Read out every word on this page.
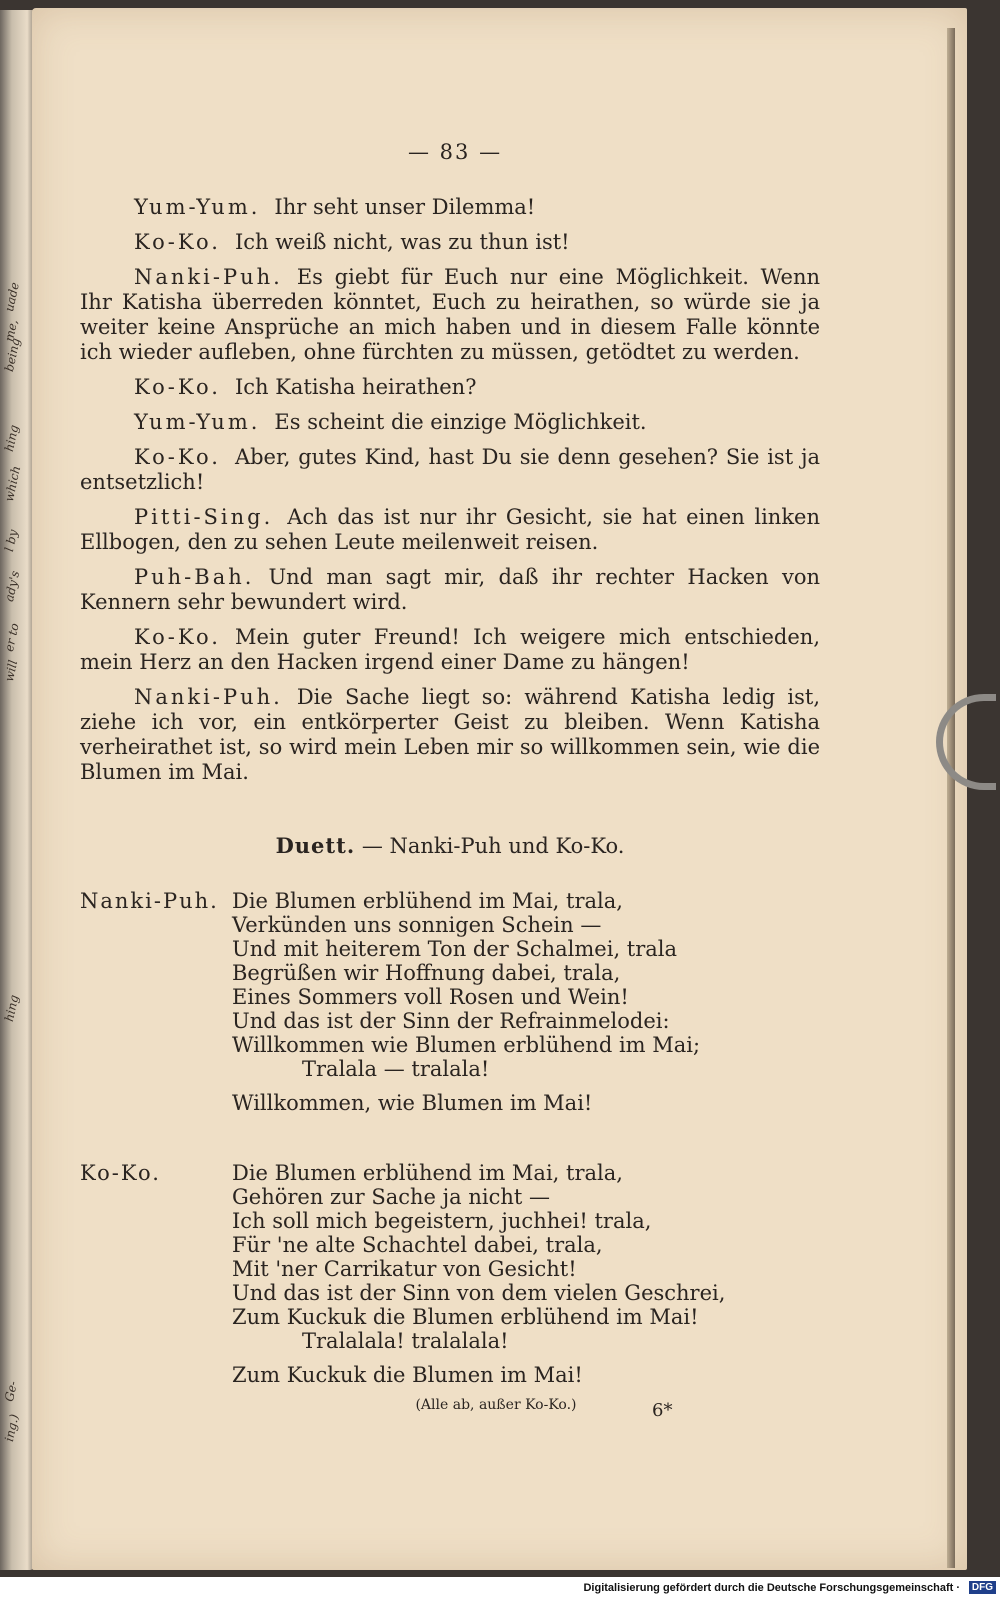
uade
me,
being
hing
which
l by
ady's
er to
will
hing
Ge-
ing.)
— 83 —

Yum-Yum. Ihr seht unser Dilemma!

Ko-Ko. Ich weiß nicht, was zu thun ist!

Nanki-Puh. Es giebt für Euch nur eine Möglichkeit. Wenn Ihr Katisha überreden könntet, Euch zu heirathen, so würde sie ja weiter keine Ansprüche an mich haben und in diesem Falle könnte ich wieder aufleben, ohne fürchten zu müssen, getödtet zu werden.

Ko-Ko. Ich Katisha heirathen?

Yum-Yum. Es scheint die einzige Möglichkeit.

Ko-Ko. Aber, gutes Kind, hast Du sie denn gesehen? Sie ist ja entsetzlich!

Pitti-Sing. Ach das ist nur ihr Gesicht, sie hat einen linken Ellbogen, den zu sehen Leute meilenweit reisen.

Puh-Bah. Und man sagt mir, daß ihr rechter Hacken von Kennern sehr bewundert wird.

Ko-Ko. Mein guter Freund! Ich weigere mich entschieden, mein Herz an den Hacken irgend einer Dame zu hängen!

Nanki-Puh. Die Sache liegt so: während Katisha ledig ist, ziehe ich vor, ein entkörperter Geist zu bleiben. Wenn Katisha verheirathet ist, so wird mein Leben mir so willkommen sein, wie die Blumen im Mai.

Duett. — Nanki-Puh und Ko-Ko.
Nanki-Puh. Die Blumen erblühend im Mai, trala,
Verkünden uns sonnigen Schein —
Und mit heiterem Ton der Schalmei, trala
Begrüßen wir Hoffnung dabei, trala,
Eines Sommers voll Rosen und Wein!
Und das ist der Sinn der Refrainmelodei:
Willkommen wie Blumen erblühend im Mai;
Tralala — tralala!
Willkommen, wie Blumen im Mai!
Ko-Ko.	Die Blumen erblühend im Mai, trala,
Gehören zur Sache ja nicht —
Ich soll mich begeistern, juchhei! trala,
Für 'ne alte Schachtel dabei, trala,
Mit 'ner Carrikatur von Gesicht!
Und das ist der Sinn von dem vielen Geschrei,
Zum Kuckuk die Blumen erblühend im Mai!
Tralalala! tralalala!
Zum Kuckuk die Blumen im Mai!
(Alle ab, außer Ko-Ko.)	6*
Digitalisierung gefördert durch die Deutsche Forschungsgemeinschaft ·	DFG
